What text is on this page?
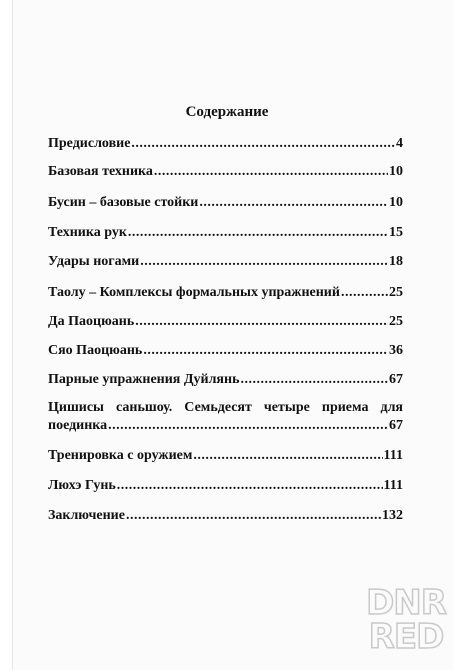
Содержание
Предисловие .....	4
Базовая техника .....	10
Бусин – базовые стойки .....	10
Техника рук .....	15
Удары ногами .....	18
Таолу – Комплексы формальных упражнений .....	25
Да Паоцюань .....	25
Сяо Паоцюань .....	36
Парные упражнения Дуйлянь .....	67
Цишисы саньшоу. Семьдесят четыре приема для
поединка .....	67
Тренировка с оружием .....	111
Люхэ Гунь .....	111
Заключение .....	132
DNR
RED
